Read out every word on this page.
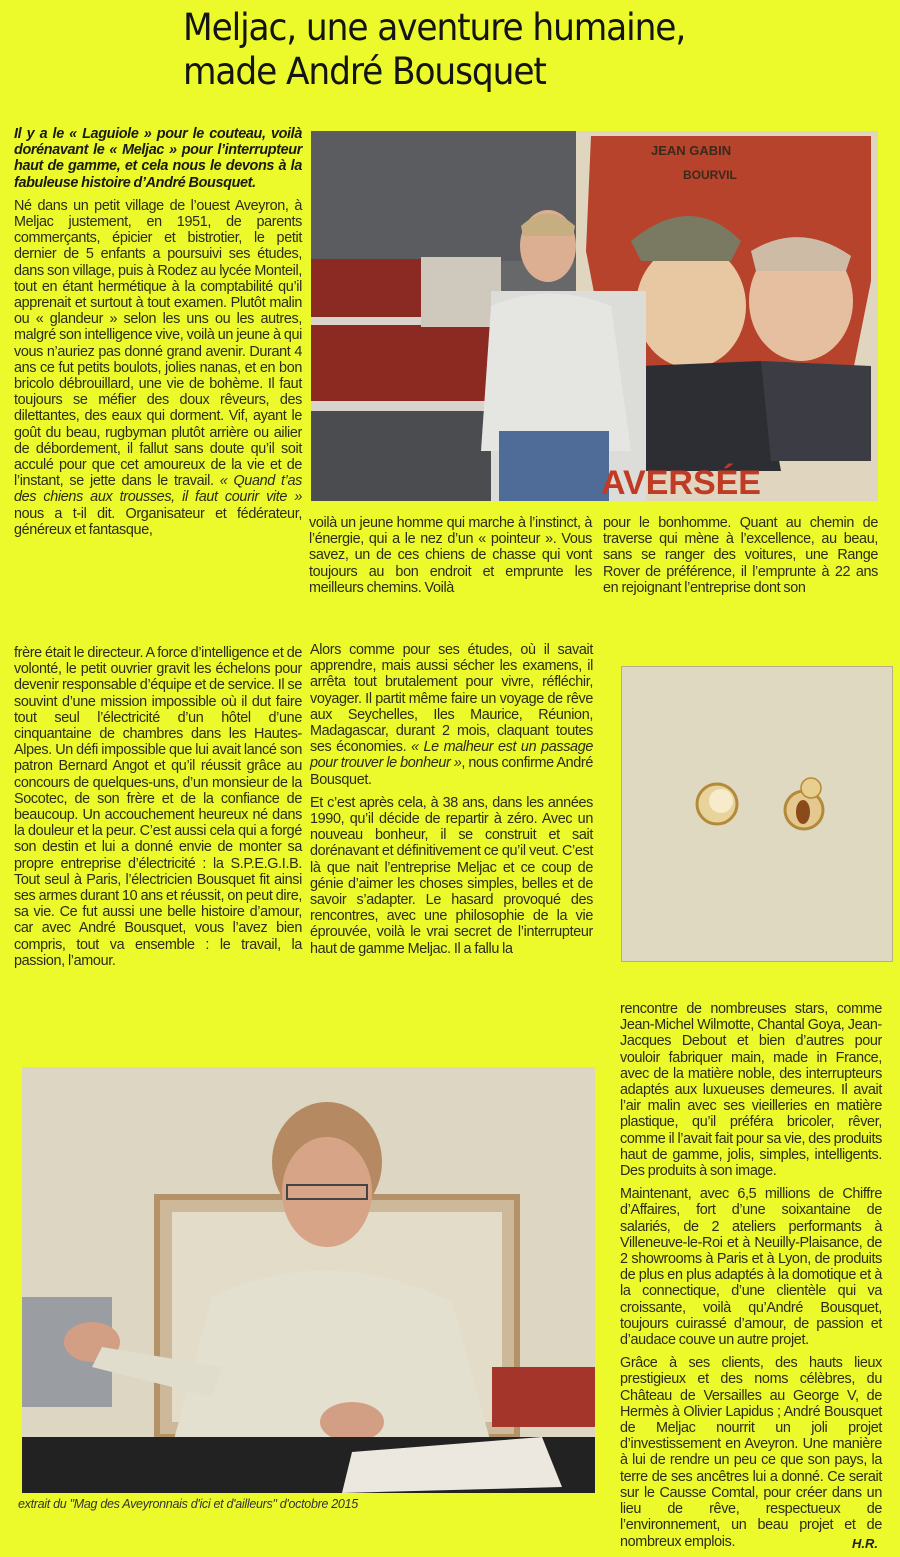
Meljac, une aventure humaine,
made André Bousquet

Il y a le « Laguiole » pour le couteau, voilà dorénavant le « Meljac » pour l’interrupteur haut de gamme, et cela nous le devons à la fabuleuse histoire d’André Bousquet.

Né dans un petit village de l’ouest Aveyron, à Meljac justement, en 1951, de parents commerçants, épicier et bistrotier, le petit dernier de 5 enfants a poursuivi ses études, dans son village, puis à Rodez au lycée Monteil, tout en étant hermétique à la comptabilité qu’il apprenait et surtout à tout examen. Plutôt malin ou « glandeur » selon les uns ou les autres, malgré son intelligence vive, voilà un jeune à qui vous n’auriez pas donné grand avenir. Durant 4 ans ce fut petits boulots, jolies nanas, et en bon bricolo débrouillard, une vie de bohème. Il faut toujours se méfier des doux rêveurs, des dilettantes, des eaux qui dorment. Vif, ayant le goût du beau, rugbyman plutôt arrière ou ailier de débordement, il fallut sans doute qu’il soit acculé pour que cet amoureux de la vie et de l’instant, se jette dans le travail. « Quand t’as des chiens aux trousses, il faut courir vite » nous a t-il dit. Organisateur et fédérateur, généreux et fantasque,

JEAN GABIN
BOURVIL
AVERSÉE

voilà un jeune homme qui marche à l’instinct, à l’énergie, qui a le nez d’un « pointeur ». Vous savez, un de ces chiens de chasse qui vont toujours au bon endroit et emprunte les meilleurs chemins. Voilà

pour le bonhomme. Quant au chemin de traverse qui mène à l’excellence, au beau, sans se ranger des voitures, une Range Rover de préférence, il l’emprunte à 22 ans en rejoignant l’entreprise dont son

frère était le directeur. A force d’intelligence et de volonté, le petit ouvrier gravit les échelons pour devenir responsable d’équipe et de service. Il se souvint d’une mission impossible où il dut faire tout seul l’électricité d’un hôtel d’une cinquantaine de chambres dans les Hautes-Alpes. Un défi impossible que lui avait lancé son patron Bernard Angot et qu’il réussit grâce au concours de quelques-uns, d’un monsieur de la Socotec, de son frère et de la confiance de beaucoup. Un accouchement heureux né dans la douleur et la peur. C’est aussi cela qui a forgé son destin et lui a donné envie de monter sa propre entreprise d’électricité : la S.P.E.G.I.B. Tout seul à Paris, l’électricien Bousquet fit ainsi ses armes durant 10 ans et réussit, on peut dire, sa vie. Ce fut aussi une belle histoire d’amour, car avec André Bousquet, vous l’avez bien compris, tout va ensemble : le travail, la passion, l’amour.

Alors comme pour ses études, où il savait apprendre, mais aussi sécher les examens, il arrêta tout brutalement pour vivre, réfléchir, voyager. Il partit même faire un voyage de rêve aux Seychelles, Iles Maurice, Réunion, Madagascar, durant 2 mois, claquant toutes ses économies. « Le malheur est un passage pour trouver le bonheur », nous confirme André Bousquet.

Et c’est après cela, à 38 ans, dans les années 1990, qu’il décide de repartir à zéro. Avec un nouveau bonheur, il se construit et sait dorénavant et définitivement ce qu’il veut. C’est là que nait l’entreprise Meljac et ce coup de génie d’aimer les choses simples, belles et de savoir s’adapter. Le hasard provoqué des rencontres, avec une philosophie de la vie éprouvée, voilà le vrai secret de l’interrupteur haut de gamme Meljac. Il a fallu la

rencontre de nombreuses stars, comme Jean-Michel Wilmotte, Chantal Goya, Jean-Jacques Debout et bien d’autres pour vouloir fabriquer main, made in France, avec de la matière noble, des interrupteurs adaptés aux luxueuses demeures. Il avait l’air malin avec ses vieilleries en matière plastique, qu’il préféra bricoler, rêver, comme il l’avait fait pour sa vie, des produits haut de gamme, jolis, simples, intelligents. Des produits à son image.

Maintenant, avec 6,5 millions de Chiffre d’Affaires, fort d’une soixantaine de salariés, de 2 ateliers performants à Villeneuve-le-Roi et à Neuilly-Plaisance, de 2 showrooms à Paris et à Lyon, de produits de plus en plus adaptés à la domotique et à la connectique, d’une clientèle qui va croissante, voilà qu’André Bousquet, toujours cuirassé d’amour, de passion et d’audace couve un autre projet.

Grâce à ses clients, des hauts lieux prestigieux et des noms célèbres, du Château de Versailles au George V, de Hermès à Olivier Lapidus ; André Bousquet de Meljac nourrit un joli projet d’investissement en Aveyron. Une manière à lui de rendre un peu ce que son pays, la terre de ses ancêtres lui a donné. Ce serait sur le Causse Comtal, pour créer dans un lieu de rêve, respectueux de l’environnement, un beau projet et de nombreux emplois.

extrait du "Mag des Aveyronnais d'ici et d'ailleurs" d'octobre 2015
H.R.
